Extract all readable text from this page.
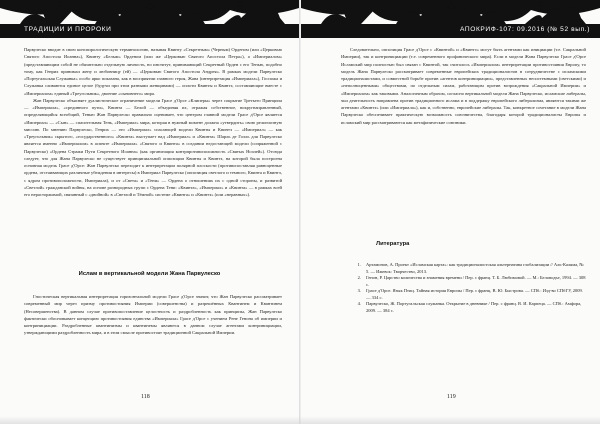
ТРАДИЦИИ И ПРОРОКИ

Парвулеско вводит в свою конспирологическую терминологию, называя Квинту «Секретным» (Черным) Орденом (или «Церковью Святого Апостола Иоанна»), Квинту «Белым» Орденом (или же «Церковью Святого Апостола Петра»), а «Империалом» (представляющим собой не обязательно отдельную личность, но институт, принимающий Секретный Орден с его Тенью, подобно тому, как Генрих принимал жену и любовницу (ей) — «Церковью Святого Апостола Андрея». В рамках модели Парвулеско «Португальская Служанка» особо ярко показана, как в восприятии главного героя, Жана (интерпретация «Империала»), Госпожа и Служанка сливаются единое целое (будучи при этом разными женщинами) — оплоти Квинты и Квинтэ, составляющие вместе с «Империалом» единый «Треугольник», двоение «сыновнего» мира.

Жан Парвулеско объясняет дуалистическое ограничение модели Грасе д'Орсе «Клиперы» через сокрытие Третьего Принципа — «Империала», «срединного пути», Квинта — Белой — объединяя их, отражая собственное, вокругнаправленный, определяющийся всеобщий, Тенью Жан Парвулеско правильно оценивает, что центром главной модели Грасе д'Орсе является «Империал» — «Сын» — спасительная Тень, «Империал» мира, которая в нужный момент должна «утвердить» свою религиозную миссию. По мнению Парвулеско, Генрих — это «Империал» спасающей модели Квинты и Квинтэ — «Империал» — как «Треугольник» скрытого, «государственного» «Квинта» выступает над «Империал» и «Квинта» Шарль де Голль для Парвулеско является именно «Империалом» в аспекте «Империала» «Святого и Квинта» в создании недостающей модели (сопряженной с Парвулеско) «Ордена Стражи Пути Секретного Иоанна» (как организация контрпротивоположность «Святых Ноэлей»). Отсюда следует, что для Жана Парвулеско не существует принципиальной оппозиции Квинты и Квинтэ, на которой была построена основная модель Грасе д'Орсе: Жан Парвулеско переходит к интерпретации полярной плоскости (противопоставляя равноценные ордена, отстаивающих различные убеждения в интересы) в Империал Парвулеско (оппозиция светлого и темного, Квинта и Квинтэ, с ядром противоположности, Империала), и от «Света» и «Тени» — Ордена о отношениях их с одной стороны, и развитой «Светлой» гражданской войны, на основе разнородных групп с Ордена Тени: «Квинта», «Империал» и «Квинта» — в рамках всей его нерасторжимой, связанный с «двойной» в «Светлой и Тёмной» системе «Квинта» и «Квинтэ» (или «неравных»).

Ислам в вертикальной модели Жана Парвулеско

Гностическая вертикальная интерпретация горизонтальной модели Грасе д'Орсе значит, что Жан Парвулеско рассматривает современный мир через призму противостояния Империи (совершенства) и разрешённых Квантинем и Квантинем (Несовершенства). В данном случае противопоставление целостность и раздробленность как принципы, Жан Парвулеско фактически обосновывает концепцию противостояния единства «Империала» Грасе д'Орсе с учением Рене Генона об империи и контринициации. Раздробленные квантинизмы и квантинемы являются в данном случае агентами контринициации, утверждающими раздробленность мира, и в этом смысле противостоят традиционной Сакральной Империи.

118
АПОКРИФ-107: 09.2016 (№ 52 вып.)

Следовательно, оппозиция Грасе д'Орсе с «Квинтой» и «Квинтэ» могут быть агентами как инициации (т.е. Сакральной Империи), так и контринициации (т.е. современного профанического мира). Если в модели Жана Парвулеско Грасе д'Орсе Исламский мир полностью был связан с Квинтой, так считалось «Империалом» интерпретации противостояния Европу, то модель Жана Парвулеско рассматривает современные европейских традиционалистов в сотрудничестве с исламскими традиционалистами, и совместной борьбе против «агентов контринициации», представленных несистемными (светскими) и «неполноценными» обществами, по отдельным силам, работающим против возрождения «Сакральной Империи» и «Империалом» как таковыми. Аналогичным образом, согласно вертикальной модели Жана Парвулеско, исламские либералы, чьи деятельность направлена против традиционного ислама и в поддержку европейского либерализма, являются такими же агентами «Квинтэ» (или «Империала»), как и, собственно, европейские либералы. Так, конкретное сочетание в модели Жана Парвулеско обеспечивает практическую возможность союзничества, благодаря которой традиционалисты Европы и исламский мир рассматриваются как метафизические союзники.

Литература
1.	Артамонов, А. Проект «Исламская карта»: как традиционалистская альтернатива глобализации // Аль-Каляма, № 5. — Ижевск: Творчество, 2013.
2.	Генон, Р. Царство количества и знамения времени / Пер. с франц. Т. Б. Любимовой. — М.: Беловодье, 1994. — 308 с.
3.	Грасе д'Орсе. Язык Птиц. Тайная история Европы / Пер. с франц. В. Ю. Быстрова. — СПб.: Изд-во СПбГУ, 2009. — 334 с.
4.	Парвулеско, Ж. Португальская служанка. Открытие в дневнике / Пер. с франц. В. И. Карпеца. — СПб.: Амфора, 2009. — 384 с.
119
